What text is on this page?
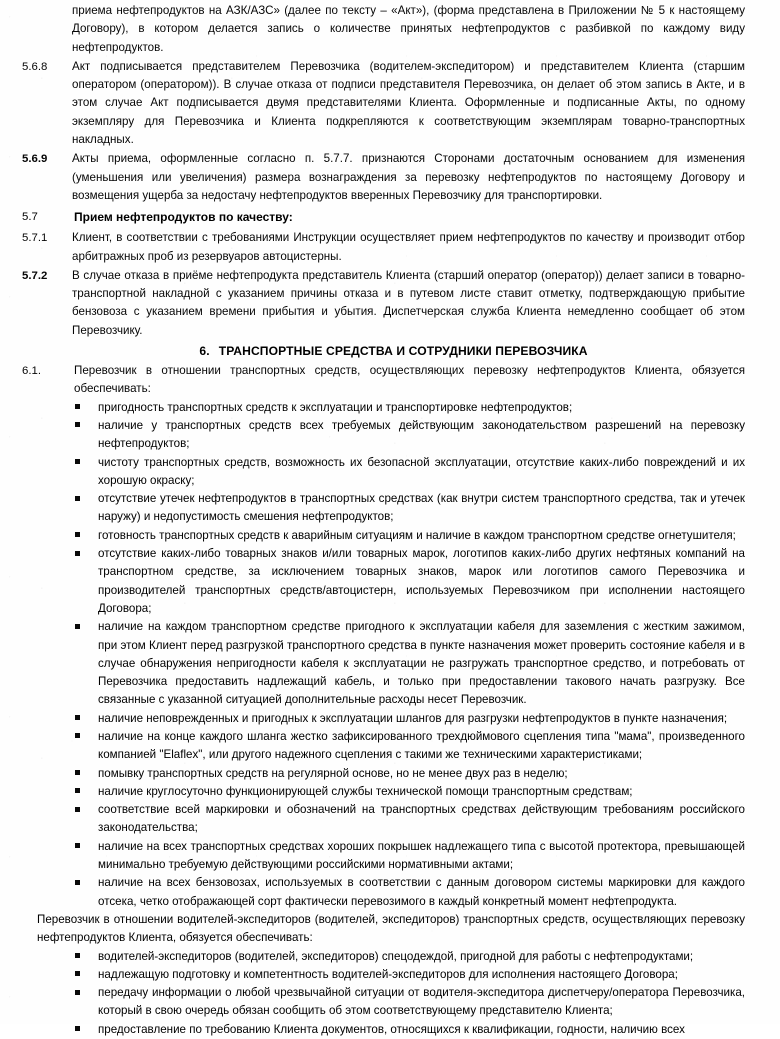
приема нефтепродуктов на АЗК/АЗС» (далее по тексту – «Акт»), (форма представлена в Приложении № 5 к настоящему Договору), в котором делается запись о количестве принятых нефтепродуктов с разбивкой по каждому виду нефтепродуктов.
5.6.8	Акт подписывается представителем Перевозчика (водителем-экспедитором) и представителем Клиента (старшим оператором (оператором)). В случае отказа от подписи представителя Перевозчика, он делает об этом запись в Акте, и в этом случае Акт подписывается двумя представителями Клиента. Оформленные и подписанные Акты, по одному экземпляру для Перевозчика и Клиента подкрепляются к соответствующим экземплярам товарно-транспортных накладных.
5.6.9	Акты приема, оформленные согласно п. 5.7.7. признаются Сторонами достаточным основанием для изменения (уменьшения или увеличения) размера вознаграждения за перевозку нефтепродуктов по настоящему Договору и возмещения ущерба за недостачу нефтепродуктов вверенных Перевозчику для транспортировки.
5.7	Прием нефтепродуктов по качеству:
5.7.1	Клиент, в соответствии с требованиями Инструкции осуществляет прием нефтепродуктов по качеству и производит отбор арбитражных проб из резервуаров автоцистерны.
5.7.2	В случае отказа в приёме нефтепродукта представитель Клиента (старший оператор (оператор)) делает записи в товарно-транспортной накладной с указанием причины отказа и в путевом листе ставит отметку, подтверждающую прибытие бензовоза с указанием времени прибытия и убытия. Диспетчерская служба Клиента немедленно сообщает об этом Перевозчику.
6. ТРАНСПОРТНЫЕ СРЕДСТВА И СОТРУДНИКИ ПЕРЕВОЗЧИКА
6.1.	Перевозчик в отношении транспортных средств, осуществляющих перевозку нефтепродуктов Клиента, обязуется обеспечивать:
пригодность транспортных средств к эксплуатации и транспортировке нефтепродуктов;
наличие у транспортных средств всех требуемых действующим законодательством разрешений на перевозку нефтепродуктов;
чистоту транспортных средств, возможность их безопасной эксплуатации, отсутствие каких-либо повреждений и их хорошую окраску;
отсутствие утечек нефтепродуктов в транспортных средствах (как внутри систем транспортного средства, так и утечек наружу) и недопустимость смешения нефтепродуктов;
готовность транспортных средств к аварийным ситуациям и наличие в каждом транспортном средстве огнетушителя;
отсутствие каких-либо товарных знаков и/или товарных марок, логотипов каких-либо других нефтяных компаний на транспортном средстве, за исключением товарных знаков, марок или логотипов самого Перевозчика и производителей транспортных средств/автоцистерн, используемых Перевозчиком при исполнении настоящего Договора;
наличие на каждом транспортном средстве пригодного к эксплуатации кабеля для заземления с жестким зажимом, при этом Клиент перед разгрузкой транспортного средства в пункте назначения может проверить состояние кабеля и в случае обнаружения непригодности кабеля к эксплуатации не разгружать транспортное средство, и потребовать от Перевозчика предоставить надлежащий кабель, и только при предоставлении такового начать разгрузку. Все связанные с указанной ситуацией дополнительные расходы несет Перевозчик.
наличие неповрежденных и пригодных к эксплуатации шлангов для разгрузки нефтепродуктов в пункте назначения;
наличие на конце каждого шланга жестко зафиксированного трехдюймового сцепления типа "мама", произведенного компанией "Elaflex", или другого надежного сцепления с такими же техническими характеристиками;
помывку транспортных средств на регулярной основе, но не менее двух раз в неделю;
наличие круглосуточно функционирующей службы технической помощи транспортным средствам;
соответствие всей маркировки и обозначений на транспортных средствах действующим требованиям российского законодательства;
наличие на всех транспортных средствах хороших покрышек надлежащего типа с высотой протектора, превышающей минимально требуемую действующими российскими нормативными актами;
наличие на всех бензовозах, используемых в соответствии с данным договором системы маркировки для каждого отсека, четко отображающей сорт фактически перевозимого в каждый конкретный момент нефтепродукта.
Перевозчик в отношении водителей-экспедиторов (водителей, экспедиторов) транспортных средств, осуществляющих перевозку нефтепродуктов Клиента, обязуется обеспечивать:
водителей-экспедиторов (водителей, экспедиторов) спецодеждой, пригодной для работы с нефтепродуктами;
надлежащую подготовку и компетентность водителей-экспедиторов для исполнения настоящего Договора;
передачу информации о любой чрезвычайной ситуации от водителя-экспедитора диспетчеру/оператора Перевозчика, который в свою очередь обязан сообщить об этом соответствующему представителю Клиента;
предоставление по требованию Клиента документов, относящихся к квалификации, годности, наличию всех
